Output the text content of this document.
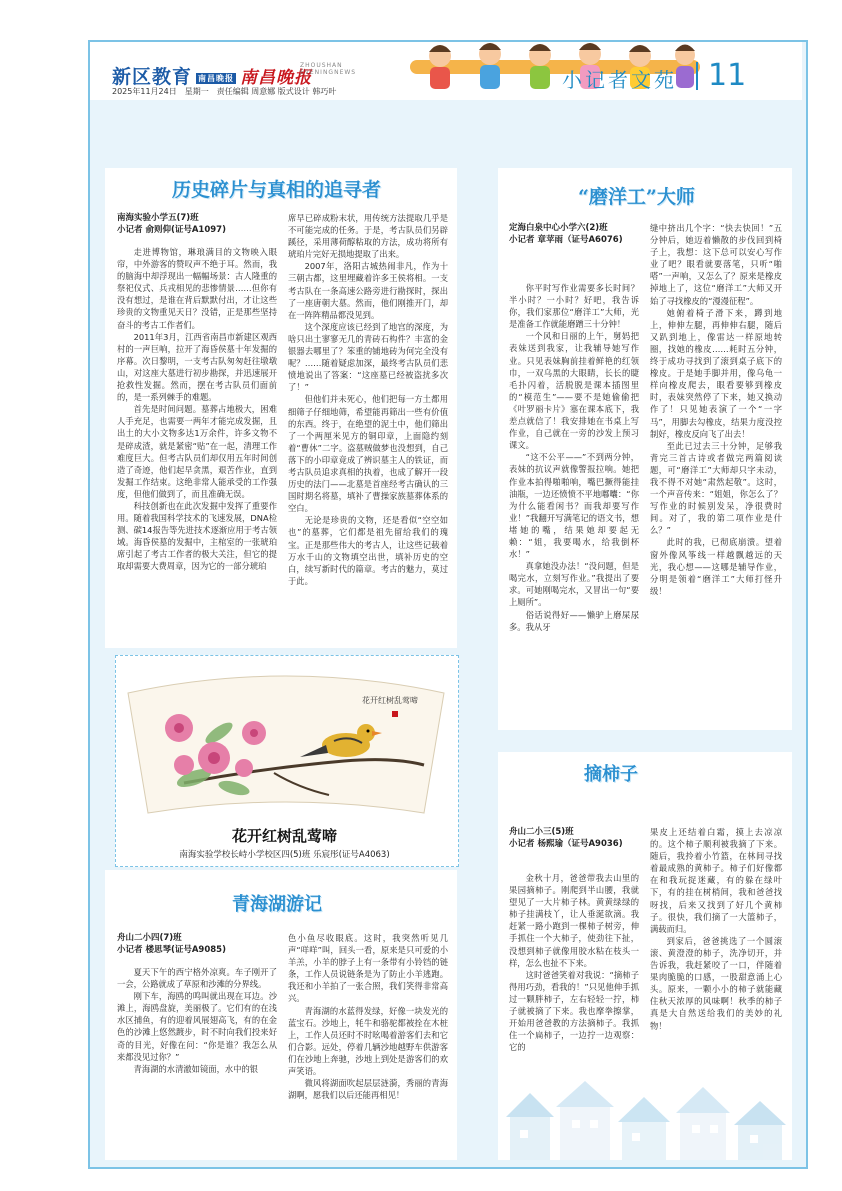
新区教育 南昌晚报 南昌晚报
ZHOUSHAN
EVENINGNEWS
2025年11月24日　星期一　责任编辑 周意娜 版式设计 韩巧叶	小记者文苑 11
历史碎片与真相的追寻者
南海实验小学五(7)班
小记者 俞则仰(证号A1097)

走进博物馆，琳琅满目的文物映入眼帘，中外游客的赞叹声不绝于耳。然而，我的脑海中却浮现出一幅幅场景：古人隆重的祭祀仪式、兵戎相见的悲惨情景……但你有没有想过，是谁在背后默默付出，才让这些珍贵的文物重见天日？没错，正是那些坚持奋斗的考古工作者们。

2011年3月，江西省南昌市新建区观西村的一声巨响，拉开了海昏侯墓十年发掘的序幕。次日黎明，一支考古队匆匆赶往墩墩山，对这座大墓进行初步勘探，并迅速展开抢救性发掘。然而，摆在考古队员们面前的，是一系列棘手的难题。

首先是时间问题。墓葬占地极大，困难人手充足，也需要一两年才能完成发掘，且出土的大小文物多达1万余件，许多文物不是碎成渣，就是紧密“贴”在一起，清理工作难度巨大。但考古队员们却仅用五年时间创造了奇迹，他们起早贪黑，艰苦作业，直到发掘工作结束。这绝非常人能承受的工作强度，但他们做到了，而且准确无误。

科技创新也在此次发掘中发挥了重要作用。随着我国科学技术的飞速发展，DNA检测、碳14报告等先进技术逐渐应用于考古领域。海昏侯墓的发掘中，主棺室的一张琥珀席引起了考古工作者的极大关注，但它的提取却需要大费周章，因为它的一部分琥珀

席早已碎成粉末状，用传统方法提取几乎是不可能完成的任务。于是，考古队员们另辟蹊径，采用薄荷醇粘取的方法，成功将所有琥珀片完好无损地提取了出来。

2007年，洛阳古城热闹非凡，作为十三朝古都，这里埋藏着许多王侯将相。一支考古队在一条高速公路旁进行勘探时，探出了一座唐朝大墓。然而，他们刚推开门，却在一阵阵精品都没见到。

这个深度应该已经到了地宫的深度，为啥只出土寥寥无几的青砖石构件？丰富的金银器去哪里了？笨重的铺地砖为何完全没有呢？……随着疑虑加深，最终考古队员们悲愤地说出了答案：“这座墓已经被盗扰多次了！”

但他们并未死心，他们把每一方土都用细筛子仔细地筛，希望能再筛出一些有价值的东西。终于，在绝望的泥土中，他们筛出了一个两厘米见方的铜印章，上面隐约刻着“曹休”二字。盗墓贼做梦也没想到，自己落下的小印章竟成了辨识墓主人的铁证，而考古队员追求真相的执着，也成了解开一段历史的法门——北墓是首座经考古确认的三国时期名将墓，填补了曹操家族墓葬体系的空白。

无论是珍贵的文物，还是看似“空空如也”的墓葬，它们都是祖先留给我们的瑰宝。正是那些伟大的考古人，让这些记载着万水千山的文物填空出世，填补历史的空白，续写新时代的篇章。考古的魅力，莫过于此。

花开红树乱莺啼
花开红树乱莺啼
南海实验学校长峙小学校区四(5)班 乐宸彤(证号A4063)
青海湖游记
舟山二小四(7)班
小记者 楼思琴(证号A9085)

夏天下午的西宁格外凉爽。车子刚开了一会，公路就成了草原和沙滩的分界线。

刚下车，海鸥的鸣叫就出现在耳边。沙滩上，海鸥盘旋，美丽极了。它们有的在浅水区捕鱼，有的迎着风展翅高飞，有的在金色的沙滩上悠然踱步，时不时向我们投来好奇的目光，好像在问：“你是谁？我怎么从来都没见过你？”

青海湖的水清澈如镜面，水中的银

色小鱼尽收眼底。这时，我突然听见几声“咩咩”叫，回头一看，原来是只可爱的小羊羔，小羊的脖子上有一条带有小铃铛的链条，工作人员说链条是为了防止小羊逃跑。我还和小羊拍了一张合照，我们笑得非常高兴。

青海湖的水蓝得发绿，好像一块发光的蓝宝石。沙地上，牦牛和骆驼都被拴在木桩上，工作人员还时不时吆喝着游客们去和它们合影。远处，停着几辆沙地越野车供游客们在沙地上奔驰，沙地上到处是游客们的欢声笑语。

微风将湖面吹起层层涟漪，秀丽的青海湖啊，愿我们以后还能再相见！

“磨洋工”大师
定海白泉中心小学六(2)班
小记者 章苹雨（证号A6076)

你平时写作业需要多长时间？半小时？一小时？好吧，我告诉你，我们家那位“磨洋工”大师，光是准备工作就能磨蹭三十分钟！

一个风和日丽的上午，舅妈把表妹送到我家，让我辅导她写作业。只见表妹胸前挂着鲜艳的红领巾，一双乌黑的大眼睛，长长的睫毛扑闪着，活脱脱是课本插图里的“模范生”——要不是她偷偷把《叶罗丽卡片》塞在课本底下，我差点就信了！我安排她在书桌上写作业，自己就在一旁的沙发上预习课文。

“这不公平——”不到两分钟，表妹的抗议声就像警报拉响。她把作业本拍得啪啪响，嘴巴撅得能挂油瓶，一边还愤愤不平地嘟囔：“你为什么能看闲书？而我却要写作业！”我翻开写满笔记的语文书，想堵她的嘴，结果她却要起无赖：“姐，我要喝水，给我倒杯水！”

真拿她没办法！“没问题，但是喝完水，立刻写作业。”我提出了要求。可她刚喝完水，又冒出一句“要上厕所”。

俗话说得好——懒驴上磨屎尿多。我从牙

缝中挤出几个字：“快去快回！”五分钟后，她迈着懒散的步伐回到椅子上，我想：这下总可以安心写作业了吧？眼看就要落笔，只听“啪嗒”一声响，又怎么了？原来是橡皮掉地上了，这位“磨洋工”大师又开始了寻找橡皮的“漫漫征程”。

她俯着椅子滑下来，蹲到地上，伸伸左腿，再伸伸右腿，随后又趴到地上，像雷达一样原地转圈，找她的橡皮……耗时五分钟，终于成功寻找到了滚到桌子底下的橡皮。于是她手脚并用，像乌龟一样向橡皮爬去，眼看要够到橡皮时，表妹突然停了下来，她又换动作了！只见她表演了一个“一字马”，用脚去勾橡皮，结果力度没控制好，橡皮反向飞了出去！

至此已过去三十分钟，足够我背完三首古诗或者做完两篇阅读题，可“磨洋工”大师却只字未动，我不得不对她“肃然起敬”。这时，一个声音传来：“姐姐，你怎么了？写作业的时候别发呆，净很费时间。对了，我的第二项作业是什么？”

此时的我，已彻底崩溃。望着窗外像风筝线一样越飘越远的天光，我心想——这哪是辅导作业，分明是领着“磨洋工”大师打怪升级！

摘柿子
舟山二小三(5)班
小记者 杨熙瑜（证号A9036)

金秋十月，爸爸带我去山里的果园摘柿子。刚爬到半山腰，我就望见了一大片柿子林。黄黄绿绿的柿子挂满枝丫，让人垂涎欲滴。我赶紧一路小跑到一棵柿子树旁，伸手抓住一个大柿子，使劲往下扯，没想到柿子就像用胶水粘在枝头一样，怎么也扯不下来。

这时爸爸笑着对我说：“摘柿子得用巧劲，看我的！”只见他伸手抓过一颗胖柿子，左右轻轻一拧，柿子就被摘了下来。我也摩拳擦掌，开始用爸爸教的方法摘柿子。我抓住一个扁柿子，一边拧一边观察：它的

果皮上还结着白霜，摸上去凉凉的。这个柿子顺利被我摘了下来。随后，我拎着小竹篮，在林间寻找着最成熟的黄柿子。柿子们好像都在和我玩捉迷藏，有的躲在绿叶下，有的挂在树梢间，我和爸爸找呀找，后来又找到了好几个黄柿子。很快，我们摘了一大篮柿子，满载而归。

到家后，爸爸挑选了一个圆滚滚、黄澄澄的柿子，洗净切开，并告诉我，我赶紧咬了一口，伴随着果肉脆脆的口感，一股甜意涌上心头。原来，一颗小小的柿子就能藏住秋天浓厚的风味啊！秋季的柿子真是大自然送给我们的美妙的礼物！
